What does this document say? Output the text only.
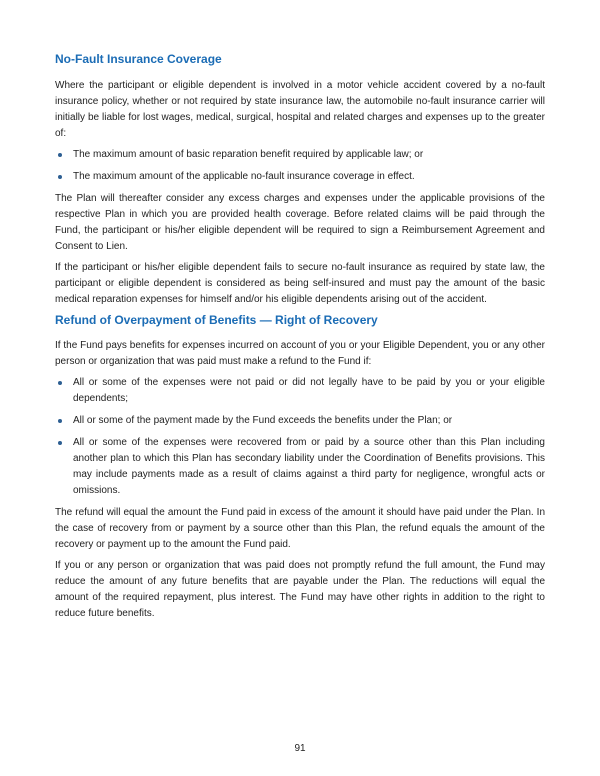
No-Fault Insurance Coverage

Where the participant or eligible dependent is involved in a motor vehicle accident covered by a no-fault insurance policy, whether or not required by state insurance law, the automobile no-fault insurance carrier will initially be liable for lost wages, medical, surgical, hospital and related charges and expenses up to the greater of:

The maximum amount of basic reparation benefit required by applicable law; or
The maximum amount of the applicable no-fault insurance coverage in effect.

The Plan will thereafter consider any excess charges and expenses under the applicable provisions of the respective Plan in which you are provided health coverage. Before related claims will be paid through the Fund, the participant or his/her eligible dependent will be required to sign a Reimbursement Agreement and Consent to Lien.

If the participant or his/her eligible dependent fails to secure no-fault insurance as required by state law, the participant or eligible dependent is considered as being self-insured and must pay the amount of the basic medical reparation expenses for himself and/or his eligible dependents arising out of the accident.

Refund of Overpayment of Benefits — Right of Recovery

If the Fund pays benefits for expenses incurred on account of you or your Eligible Dependent, you or any other person or organization that was paid must make a refund to the Fund if:

All or some of the expenses were not paid or did not legally have to be paid by you or your eligible dependents;
All or some of the payment made by the Fund exceeds the benefits under the Plan; or
All or some of the expenses were recovered from or paid by a source other than this Plan including another plan to which this Plan has secondary liability under the Coordination of Benefits provisions. This may include payments made as a result of claims against a third party for negligence, wrongful acts or omissions.

The refund will equal the amount the Fund paid in excess of the amount it should have paid under the Plan. In the case of recovery from or payment by a source other than this Plan, the refund equals the amount of the recovery or payment up to the amount the Fund paid.

If you or any person or organization that was paid does not promptly refund the full amount, the Fund may reduce the amount of any future benefits that are payable under the Plan. The reductions will equal the amount of the required repayment, plus interest. The Fund may have other rights in addition to the right to reduce future benefits.

91
